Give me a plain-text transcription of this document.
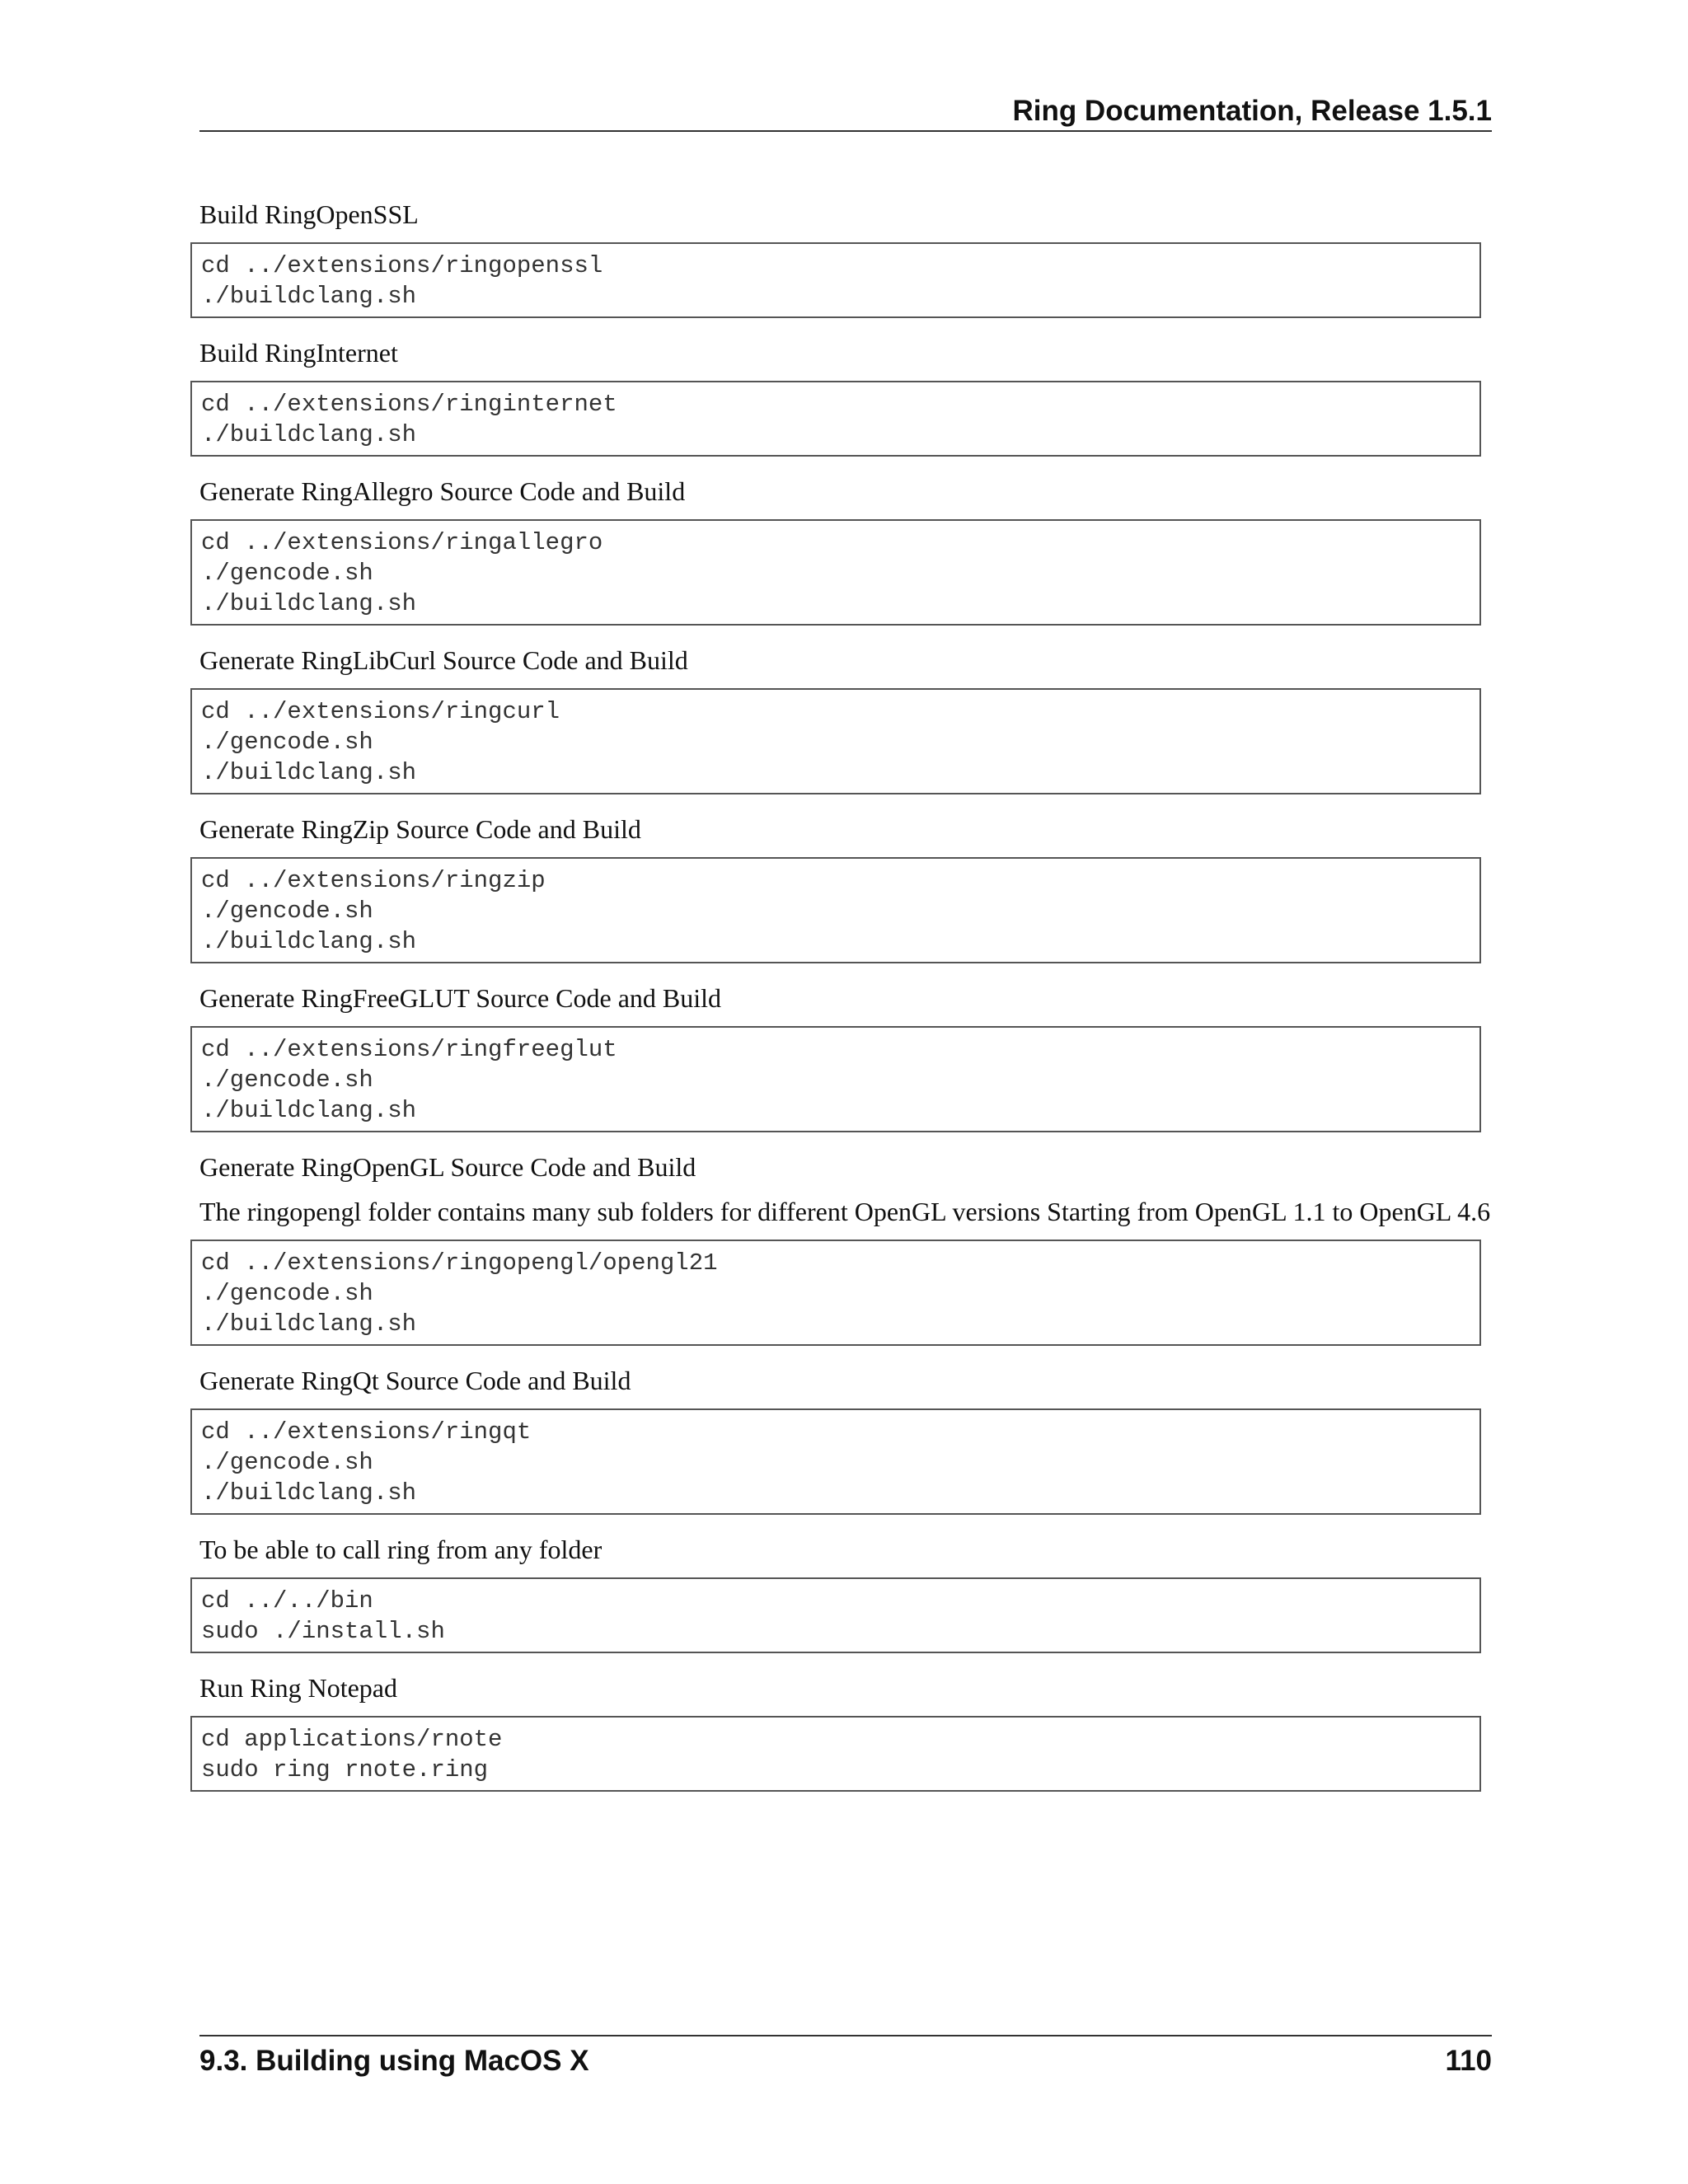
Ring Documentation, Release 1.5.1

Build RingOpenSSL

cd ../extensions/ringopenssl
./buildclang.sh

Build RingInternet

cd ../extensions/ringinternet
./buildclang.sh

Generate RingAllegro Source Code and Build

cd ../extensions/ringallegro
./gencode.sh
./buildclang.sh

Generate RingLibCurl Source Code and Build

cd ../extensions/ringcurl
./gencode.sh
./buildclang.sh

Generate RingZip Source Code and Build

cd ../extensions/ringzip
./gencode.sh
./buildclang.sh

Generate RingFreeGLUT Source Code and Build

cd ../extensions/ringfreeglut
./gencode.sh
./buildclang.sh

Generate RingOpenGL Source Code and Build

The ringopengl folder contains many sub folders for different OpenGL versions Starting from OpenGL 1.1 to OpenGL 4.6

cd ../extensions/ringopengl/opengl21
./gencode.sh
./buildclang.sh

Generate RingQt Source Code and Build

cd ../extensions/ringqt
./gencode.sh
./buildclang.sh

To be able to call ring from any folder

cd ../../bin
sudo ./install.sh

Run Ring Notepad

cd applications/rnote
sudo ring rnote.ring
9.3. Building using MacOS X	110
